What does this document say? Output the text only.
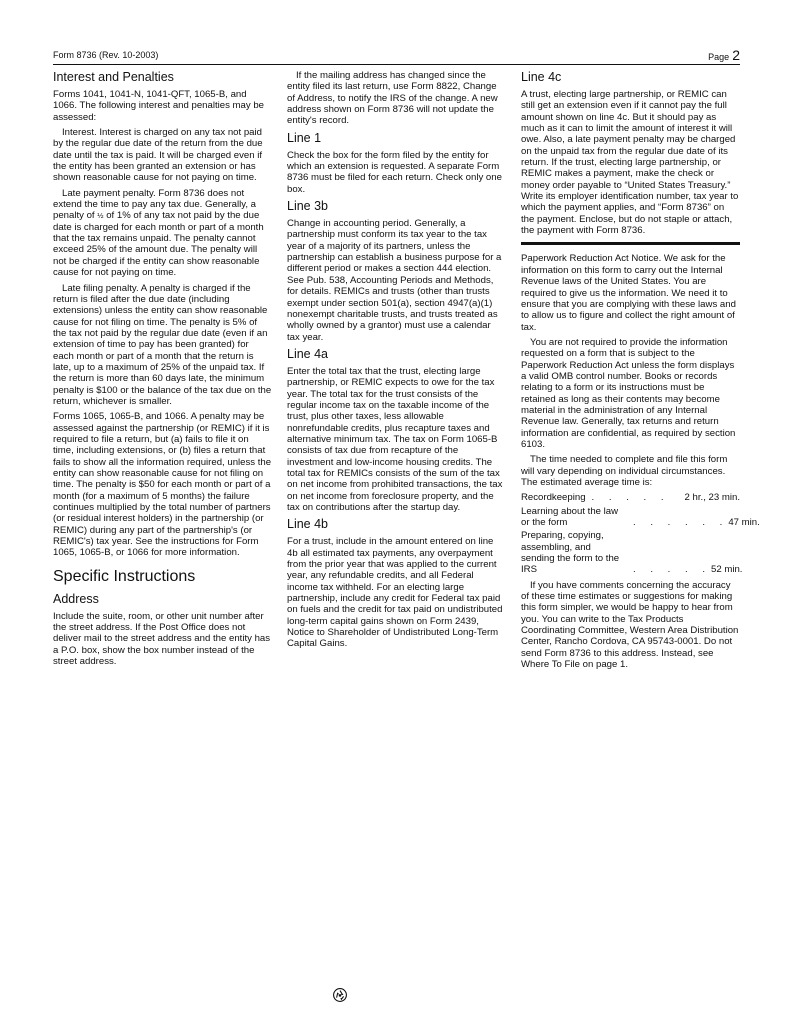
Form 8736 (Rev. 10-2003)	Page 2
Interest and Penalties

Forms 1041, 1041-N, 1041-QFT, 1065-B, and 1066. The following interest and penalties may be assessed:

Interest. Interest is charged on any tax not paid by the regular due date of the return from the due date until the tax is paid. It will be charged even if the entity has been granted an extension or has shown reasonable cause for not paying on time.

Late payment penalty. Form 8736 does not extend the time to pay any tax due. Generally, a penalty of ½ of 1% of any tax not paid by the due date is charged for each month or part of a month that the tax remains unpaid. The penalty cannot exceed 25% of the amount due. The penalty will not be charged if the entity can show reasonable cause for not paying on time.

Late filing penalty. A penalty is charged if the return is filed after the due date (including extensions) unless the entity can show reasonable cause for not filing on time. The penalty is 5% of the tax not paid by the regular due date (even if an extension of time to pay has been granted) for each month or part of a month that the return is late, up to a maximum of 25% of the unpaid tax. If the return is more than 60 days late, the minimum penalty is $100 or the balance of the tax due on the return, whichever is smaller.

Forms 1065, 1065-B, and 1066. A penalty may be assessed against the partnership (or REMIC) if it is required to file a return, but (a) fails to file it on time, including extensions, or (b) files a return that fails to show all the information required, unless the entity can show reasonable cause for not filing on time. The penalty is $50 for each month or part of a month (for a maximum of 5 months) the failure continues multiplied by the total number of partners (or residual interest holders) in the partnership (or REMIC) during any part of the partnership's (or REMIC's) tax year. See the instructions for Form 1065, 1065-B, or 1066 for more information.

Specific Instructions
Address

Include the suite, room, or other unit number after the street address. If the Post Office does not deliver mail to the street address and the entity has a P.O. box, show the box number instead of the street address.

If the mailing address has changed since the entity filed its last return, use Form 8822, Change of Address, to notify the IRS of the change. A new address shown on Form 8736 will not update the entity's record.

Line 1

Check the box for the form filed by the entity for which an extension is requested. A separate Form 8736 must be filed for each return. Check only one box.

Line 3b

Change in accounting period. Generally, a partnership must conform its tax year to the tax year of a majority of its partners, unless the partnership can establish a business purpose for a different period or makes a section 444 election. See Pub. 538, Accounting Periods and Methods, for details. REMICs and trusts (other than trusts exempt under section 501(a), section 4947(a)(1) nonexempt charitable trusts, and trusts treated as wholly owned by a grantor) must use a calendar tax year.

Line 4a

Enter the total tax that the trust, electing large partnership, or REMIC expects to owe for the tax year. The total tax for the trust consists of the regular income tax on the taxable income of the trust, plus other taxes, less allowable nonrefundable credits, plus recapture taxes and alternative minimum tax. The tax on Form 1065-B consists of tax due from recapture of the investment and low-income housing credits. The total tax for REMICs consists of the sum of the tax on net income from prohibited transactions, the tax on net income from foreclosure property, and the tax on contributions after the startup day.

Line 4b

For a trust, include in the amount entered on line 4b all estimated tax payments, any overpayment from the prior year that was applied to the current year, any refundable credits, and all Federal income tax withheld. For an electing large partnership, include any credit for Federal tax paid on fuels and the credit for tax paid on undistributed long-term capital gains shown on Form 2439, Notice to Shareholder of Undistributed Long-Term Capital Gains.

Line 4c

A trust, electing large partnership, or REMIC can still get an extension even if it cannot pay the full amount shown on line 4c. But it should pay as much as it can to limit the amount of interest it will owe. Also, a late payment penalty may be charged on the unpaid tax from the regular due date of its return. If the trust, electing large partnership, or REMIC makes a payment, make the check or money order payable to “United States Treasury.” Write its employer identification number, tax year to which the payment applies, and “Form 8736” on the payment. Enclose, but do not staple or attach, the payment with Form 8736.

Paperwork Reduction Act Notice. We ask for the information on this form to carry out the Internal Revenue laws of the United States. You are required to give us the information. We need it to ensure that you are complying with these laws and to allow us to figure and collect the right amount of tax.

You are not required to provide the information requested on a form that is subject to the Paperwork Reduction Act unless the form displays a valid OMB control number. Books or records relating to a form or its instructions must be retained as long as their contents may become material in the administration of any Internal Revenue law. Generally, tax returns and return information are confidential, as required by section 6103.

The time needed to complete and file this form will vary depending on individual circumstances. The estimated average time is:

Recordkeeping . . . . .	2 hr., 23 min.
Learning about the law or the form	. . . . . . 47 min.
Preparing, copying, assembling, and sending the form to the IRS	. . . . . 52 min.

If you have comments concerning the accuracy of these time estimates or suggestions for making this form simpler, we would be happy to hear from you. You can write to the Tax Products Coordinating Committee, Western Area Distribution Center, Rancho Cordova, CA 95743-0001. Do not send Form 8736 to this address. Instead, see Where To File on page 1.
